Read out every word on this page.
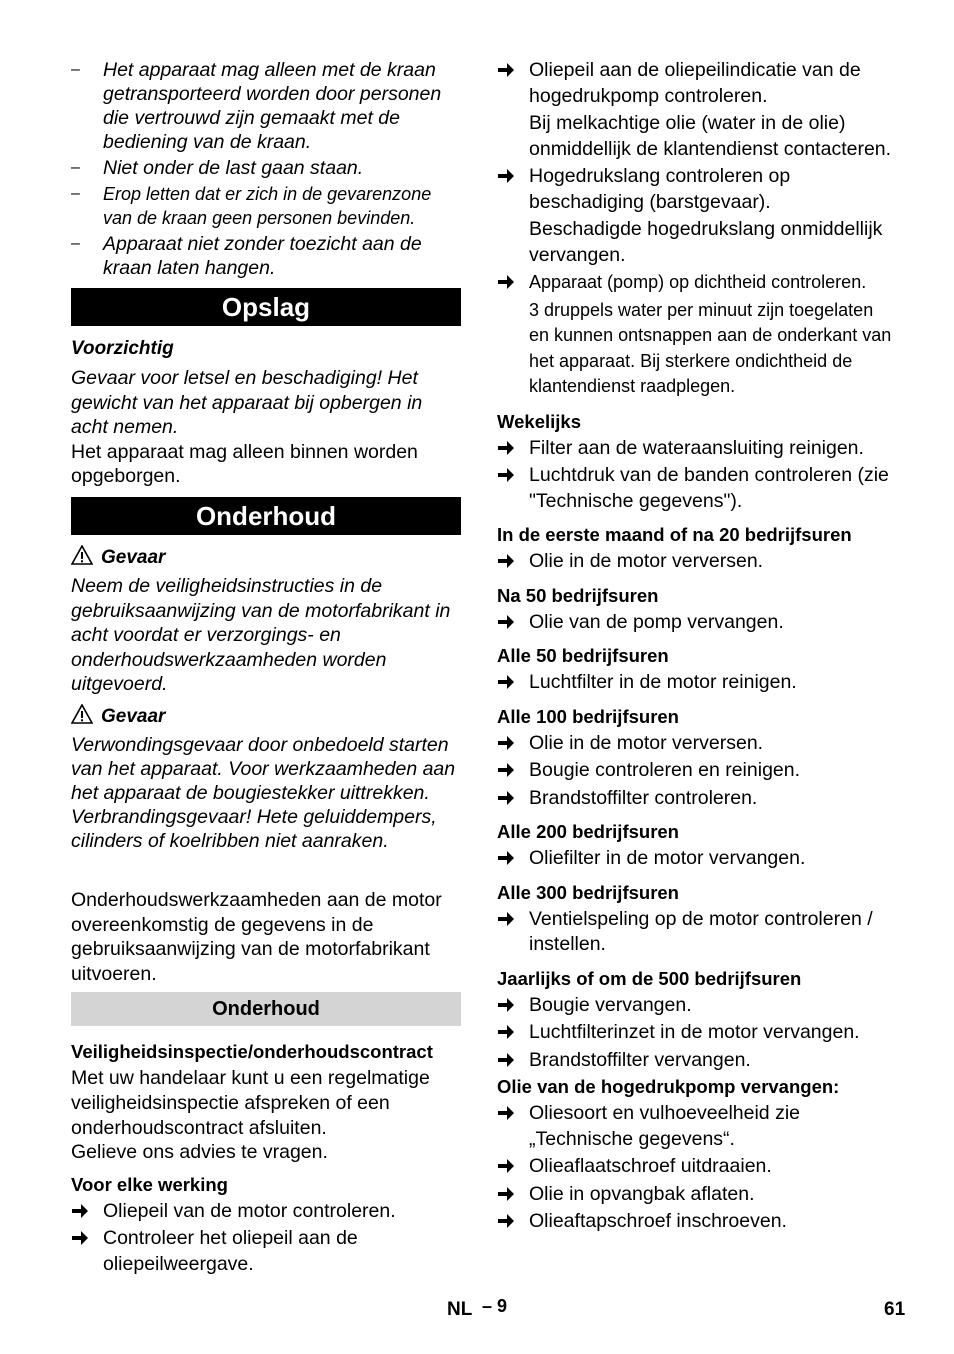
– Het apparaat mag alleen met de kraan getransporteerd worden door personen die vertrouwd zijn gemaakt met de bediening van de kraan.
– Niet onder de last gaan staan.
– Erop letten dat er zich in de gevarenzone van de kraan geen personen bevinden.
– Apparaat niet zonder toezicht aan de kraan laten hangen.
Opslag
Voorzichtig

Gevaar voor letsel en beschadiging! Het gewicht van het apparaat bij opbergen in acht nemen.

Het apparaat mag alleen binnen worden opgeborgen.

Onderhoud
Gevaar

Neem de veiligheidsinstructies in de gebruiksaanwijzing van de motorfabrikant in acht voordat er verzorgings- en onderhoudswerkzaamheden worden uitgevoerd.

Gevaar

Verwondingsgevaar door onbedoeld starten van het apparaat. Voor werkzaamheden aan het apparaat de bougiestekker uittrekken.

Verbrandingsgevaar! Hete geluiddempers, cilinders of koelribben niet aanraken.

Onderhoudswerkzaamheden aan de motor overeenkomstig de gegevens in de gebruiksaanwijzing van de motorfabrikant uitvoeren.

Onderhoud
Veiligheidsinspectie/onderhoudscontract

Met uw handelaar kunt u een regelmatige veiligheidsinspectie afspreken of een onderhoudscontract afsluiten.

Gelieve ons advies te vragen.

Voor elke werking
Oliepeil van de motor controleren.
Controleer het oliepeil aan de oliepeilweergave.
Oliepeil aan de oliepeilindicatie van de hogedrukpomp controleren.
Bij melkachtige olie (water in de olie) onmiddellijk de klantendienst contacteren.
Hogedrukslang controleren op beschadiging (barstgevaar).
Beschadigde hogedrukslang onmiddellijk vervangen.
Apparaat (pomp) op dichtheid controleren.
3 druppels water per minuut zijn toegelaten en kunnen ontsnappen aan de onderkant van het apparaat. Bij sterkere ondichtheid de klantendienst raadplegen.
Wekelijks
Filter aan de wateraansluiting reinigen.
Luchtdruk van de banden controleren (zie "Technische gegevens").
In de eerste maand of na 20 bedrijfsuren
Olie in de motor verversen.
Na 50 bedrijfsuren
Olie van de pomp vervangen.
Alle 50 bedrijfsuren
Luchtfilter in de motor reinigen.
Alle 100 bedrijfsuren
Olie in de motor verversen.
Bougie controleren en reinigen.
Brandstoffilter controleren.
Alle 200 bedrijfsuren
Oliefilter in de motor vervangen.
Alle 300 bedrijfsuren
Ventielspeling op de motor controleren / instellen.
Jaarlijks of om de 500 bedrijfsuren
Bougie vervangen.
Luchtfilterinzet in de motor vervangen.
Brandstoffilter vervangen.
Olie van de hogedrukpomp vervangen:
Oliesoort en vulhoeveelheid zie „Technische gegevens“.
Olieaflaatschroef uitdraaien.
Olie in opvangbak aflaten.
Olieaftapschroef inschroeven.
NL – 9	61
